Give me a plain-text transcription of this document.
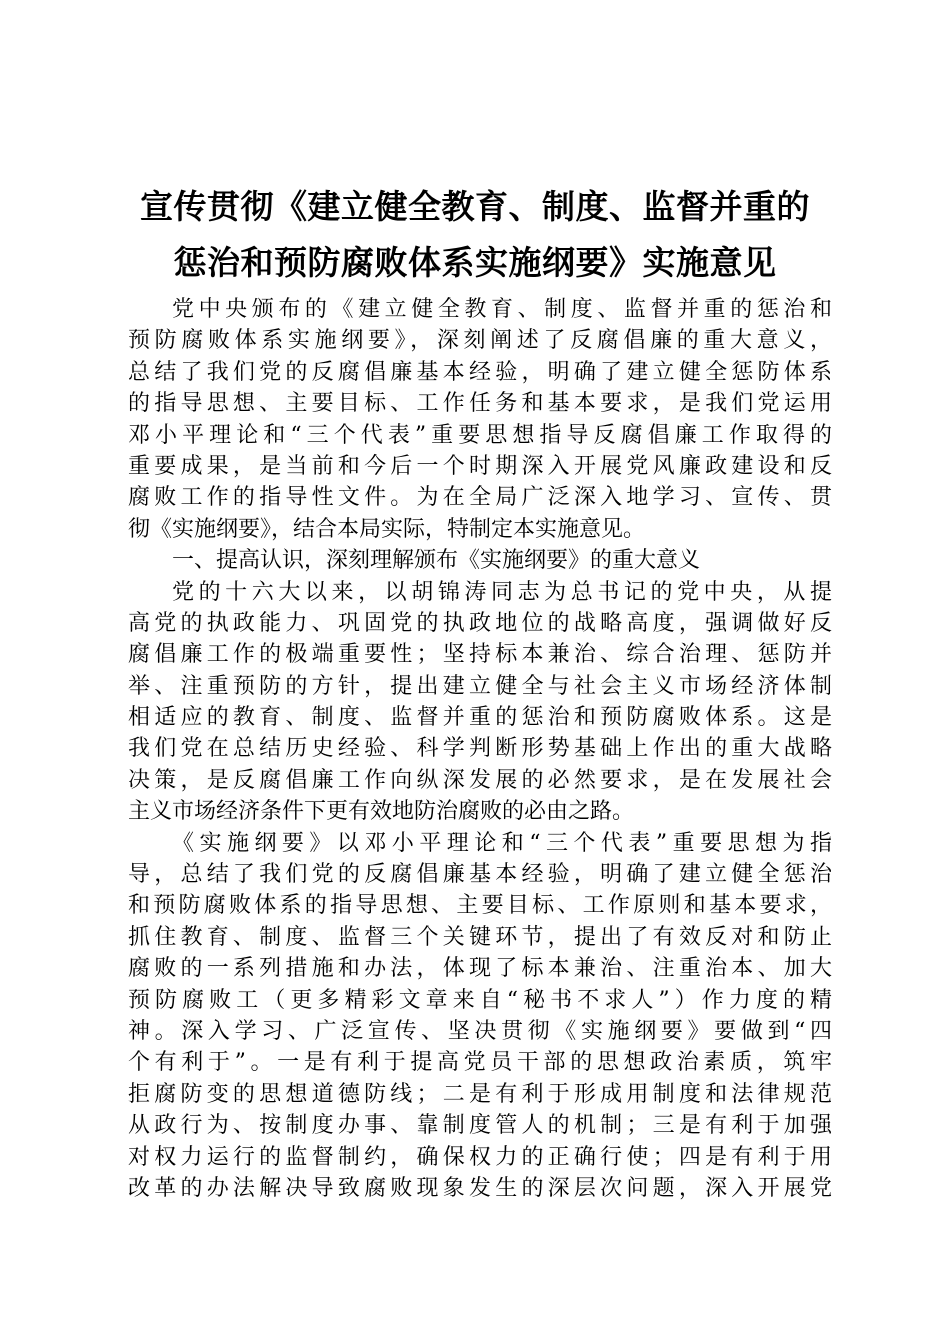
宣传贯彻《建立健全教育、制度、监督并重的
惩治和预防腐败体系实施纲要》实施意见
党中央颁布的《建立健全教育、制度、监督并重的惩治和
预防腐败体系实施纲要》，深刻阐述了反腐倡廉的重大意义，
总结了我们党的反腐倡廉基本经验，明确了建立健全惩防体系
的指导思想、主要目标、工作任务和基本要求，是我们党运用
邓小平理论和“三个代表”重要思想指导反腐倡廉工作取得的
重要成果，是当前和今后一个时期深入开展党风廉政建设和反
腐败工作的指导性文件。为在全局广泛深入地学习、宣传、贯
彻《实施纲要》，结合本局实际，特制定本实施意见。
一、提高认识，深刻理解颁布《实施纲要》的重大意义
党的十六大以来，以胡锦涛同志为总书记的党中央，从提
高党的执政能力、巩固党的执政地位的战略高度，强调做好反
腐倡廉工作的极端重要性；坚持标本兼治、综合治理、惩防并
举、注重预防的方针，提出建立健全与社会主义市场经济体制
相适应的教育、制度、监督并重的惩治和预防腐败体系。这是
我们党在总结历史经验、科学判断形势基础上作出的重大战略
决策，是反腐倡廉工作向纵深发展的必然要求，是在发展社会
主义市场经济条件下更有效地防治腐败的必由之路。
《实施纲要》以邓小平理论和“三个代表”重要思想为指
导，总结了我们党的反腐倡廉基本经验，明确了建立健全惩治
和预防腐败体系的指导思想、主要目标、工作原则和基本要求，
抓住教育、制度、监督三个关键环节，提出了有效反对和防止
腐败的一系列措施和办法，体现了标本兼治、注重治本、加大
预防腐败工（更多精彩文章来自“秘书不求人”）作力度的精
神。深入学习、广泛宣传、坚决贯彻《实施纲要》要做到“四
个有利于”。一是有利于提高党员干部的思想政治素质，筑牢
拒腐防变的思想道德防线；二是有利于形成用制度和法律规范
从政行为、按制度办事、靠制度管人的机制；三是有利于加强
对权力运行的监督制约，确保权力的正确行使；四是有利于用
改革的办法解决导致腐败现象发生的深层次问题，深入开展党
